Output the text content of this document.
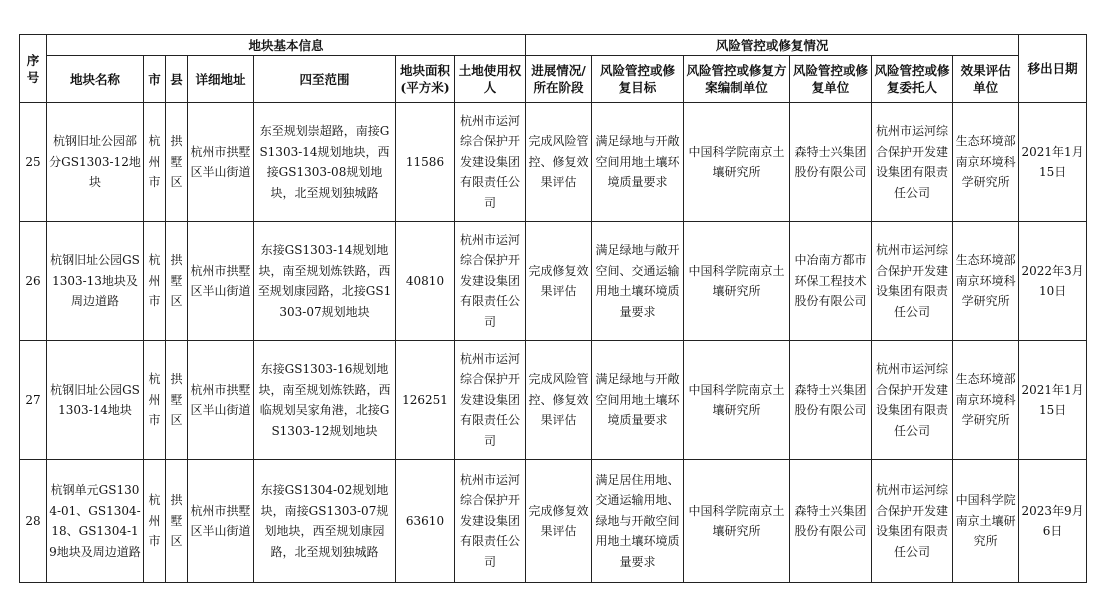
序号	地块基本信息							风险管控或修复情况						移出日期
	地块名称	市	县	详细地址	四至范围	地块面积(平方米)	土地使用权人	进展情况/所在阶段	风险管控或修复目标	风险管控或修复方案编制单位	风险管控或修复单位	风险管控或修复委托人	效果评估单位	
25	杭钢旧址公园部分GS1303-12地块	杭州市	拱墅区	杭州市拱墅区半山街道	东至规划崇超路，南接GS1303-14规划地块，西接GS1303-08规划地块，北至规划独城路	11586	杭州市运河综合保护开发建设集团有限责任公司	完成风险管控、修复效果评估	满足绿地与开敞空间用地土壤环境质量要求	中国科学院南京土壤研究所	森特士兴集团股份有限公司	杭州市运河综合保护开发建设集团有限责任公司	生态环境部南京环境科学研究所	2021年1月15日
26	杭钢旧址公园GS1303-13地块及周边道路	杭州市	拱墅区	杭州市拱墅区半山街道	东接GS1303-14规划地块，南至规划炼铁路，西至规划康园路，北接GS1303-07规划地块	40810	杭州市运河综合保护开发建设集团有限责任公司	完成修复效果评估	满足绿地与敞开空间、交通运输用地土壤环境质量要求	中国科学院南京土壤研究所	中冶南方都市环保工程技术股份有限公司	杭州市运河综合保护开发建设集团有限责任公司	生态环境部南京环境科学研究所	2022年3月10日
27	杭钢旧址公园GS1303-14地块	杭州市	拱墅区	杭州市拱墅区半山街道	东接GS1303-16规划地块，南至规划炼铁路，西临规划吴家角港，北接GS1303-12规划地块	126251	杭州市运河综合保护开发建设集团有限责任公司	完成风险管控、修复效果评估	满足绿地与开敞空间用地土壤环境质量要求	中国科学院南京土壤研究所	森特士兴集团股份有限公司	杭州市运河综合保护开发建设集团有限责任公司	生态环境部南京环境科学研究所	2021年1月15日
28	杭钢单元GS1304-01、GS1304-18、GS1304-19地块及周边道路	杭州市	拱墅区	杭州市拱墅区半山街道	东接GS1304-02规划地块，南接GS1303-07规划地块，西至规划康园路，北至规划独城路	63610	杭州市运河综合保护开发建设集团有限责任公司	完成修复效果评估	满足居住用地、交通运输用地、绿地与开敞空间用地土壤环境质量要求	中国科学院南京土壤研究所	森特士兴集团股份有限公司	杭州市运河综合保护开发建设集团有限责任公司	中国科学院南京土壤研究所	2023年9月6日
